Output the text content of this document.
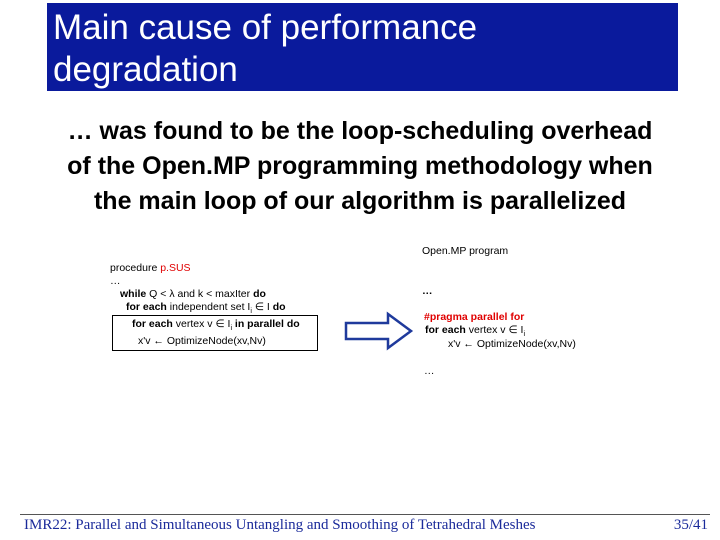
Main cause of performance
degradation
… was found to be the loop-scheduling overhead
of the Open.MP programming methodology when
the main loop of our algorithm is parallelized
procedure p.SUS
…
while Q < λ and k < maxIter do
for each independent set $I_i$ ∈ I do
for each vertex v ∈ $I_i$ in parallel do
x'v ← OptimizeNode(xv,Nv)
Open.MP program
…
#pragma parallel for
for each vertex v ∈ $I_i$
x'v ← OptimizeNode(xv,Nv)
…
IMR22: Parallel and Simultaneous Untangling and Smoothing of Tetrahedral Meshes	35/41
